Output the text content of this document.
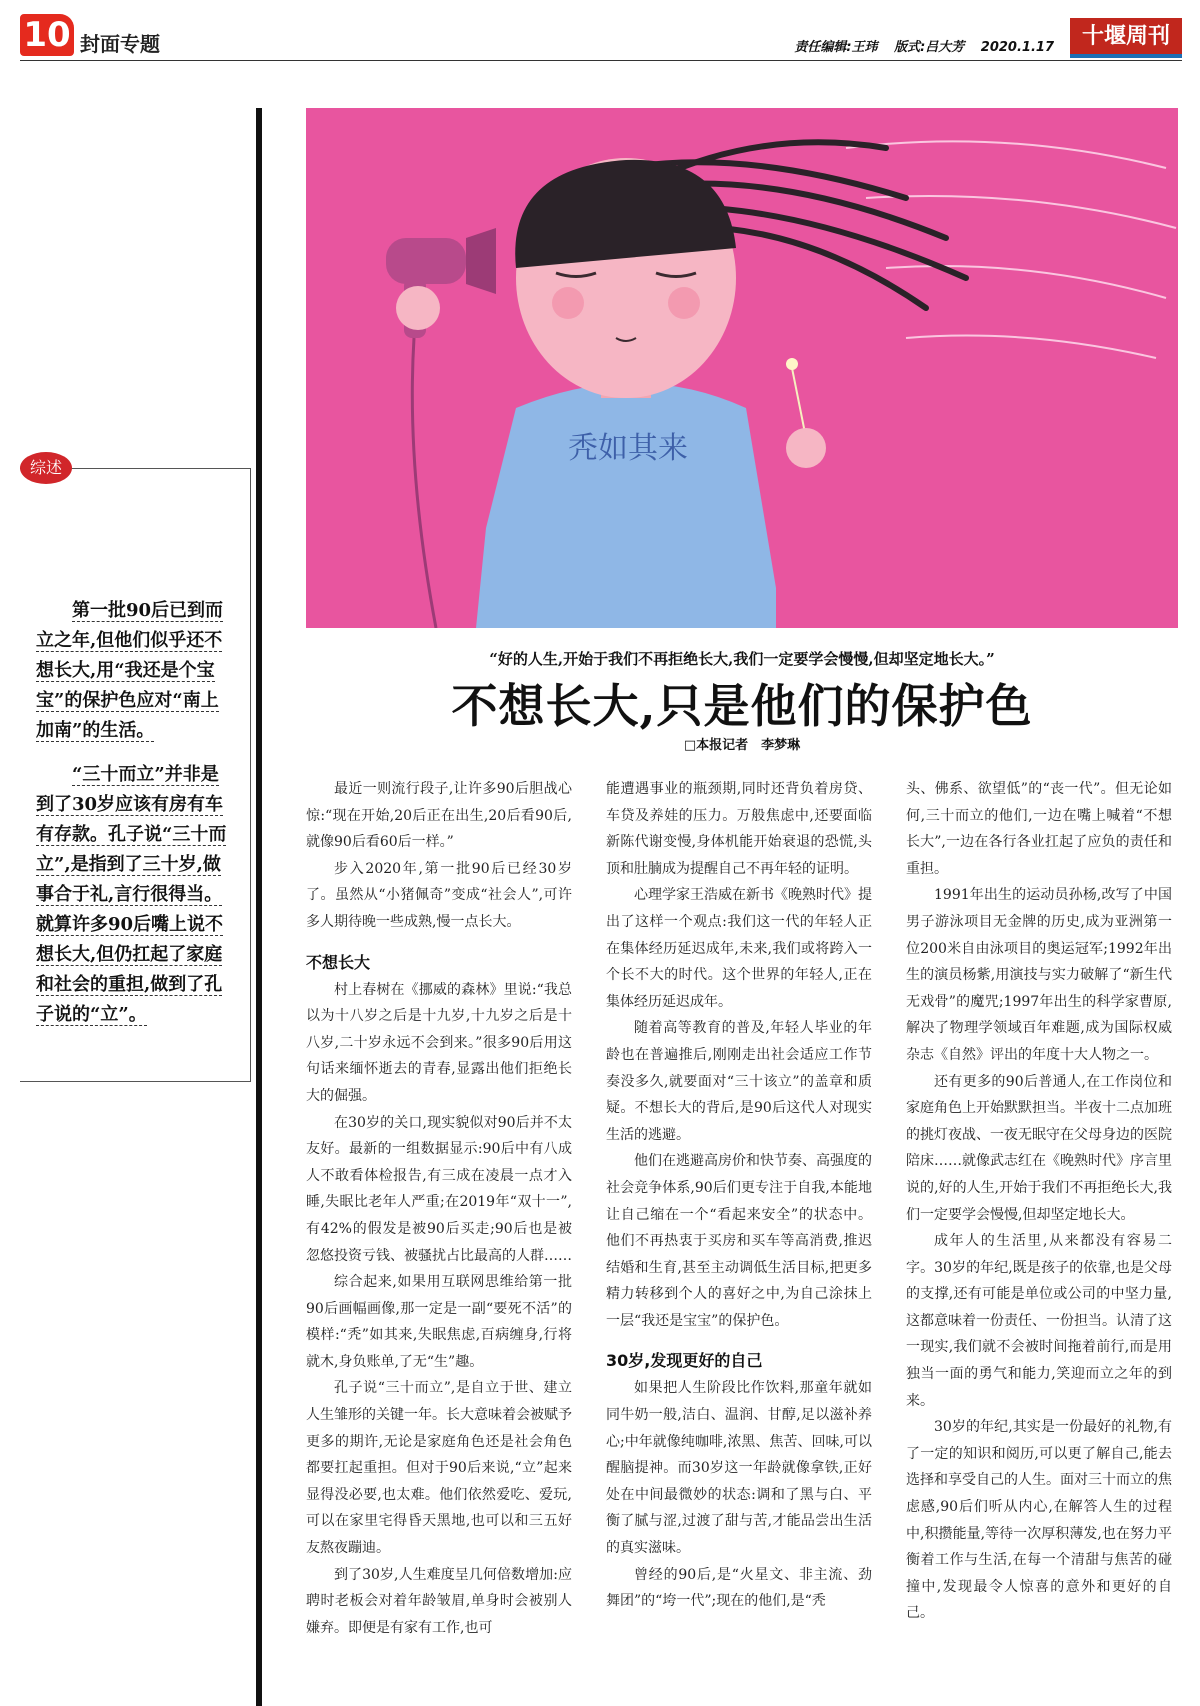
10 封面专题	责任编辑:王玮 版式:吕大芳 2020.1.17	十堰周刊
秃如其来
综述

第一批90后已到而立之年,但他们似乎还不想长大,用“我还是个宝宝”的保护色应对“南上加南”的生活。

“三十而立”并非是到了30岁应该有房有车有存款。孔子说“三十而立”,是指到了三十岁,做事合于礼,言行很得当。就算许多90后嘴上说不想长大,但仍扛起了家庭和社会的重担,做到了孔子说的“立”。

“好的人生,开始于我们不再拒绝长大,我们一定要学会慢慢,但却坚定地长大。”
不想长大,只是他们的保护色
□本报记者　李梦琳

最近一则流行段子,让许多90后胆战心惊:“现在开始,20后正在出生,20后看90后,就像90后看60后一样。”

步入2020年,第一批90后已经30岁了。虽然从“小猪佩奇”变成“社会人”,可许多人期待晚一些成熟,慢一点长大。

不想长大

村上春树在《挪威的森林》里说:“我总以为十八岁之后是十九岁,十九岁之后是十八岁,二十岁永远不会到来。”很多90后用这句话来缅怀逝去的青春,显露出他们拒绝长大的倔强。

在30岁的关口,现实貌似对90后并不太友好。最新的一组数据显示:90后中有八成人不敢看体检报告,有三成在凌晨一点才入睡,失眠比老年人严重;在2019年“双十一”,有42%的假发是被90后买走;90后也是被忽悠投资亏钱、被骚扰占比最高的人群……

综合起来,如果用互联网思维给第一批90后画幅画像,那一定是一副“要死不活”的模样:“秃”如其来,失眠焦虑,百病缠身,行将就木,身负账单,了无“生”趣。

孔子说“三十而立”,是自立于世、建立人生雏形的关键一年。长大意味着会被赋予更多的期许,无论是家庭角色还是社会角色都要扛起重担。但对于90后来说,“立”起来显得没必要,也太难。他们依然爱吃、爱玩,可以在家里宅得昏天黑地,也可以和三五好友熬夜蹦迪。

到了30岁,人生难度呈几何倍数增加:应聘时老板会对着年龄皱眉,单身时会被别人嫌弃。即便是有家有工作,也可

能遭遇事业的瓶颈期,同时还背负着房贷、车贷及养娃的压力。万般焦虑中,还要面临新陈代谢变慢,身体机能开始衰退的恐慌,头顶和肚腩成为提醒自己不再年轻的证明。

心理学家王浩威在新书《晚熟时代》提出了这样一个观点:我们这一代的年轻人正在集体经历延迟成年,未来,我们或将跨入一个长不大的时代。这个世界的年轻人,正在集体经历延迟成年。

随着高等教育的普及,年轻人毕业的年龄也在普遍推后,刚刚走出社会适应工作节奏没多久,就要面对“三十该立”的盖章和质疑。不想长大的背后,是90后这代人对现实生活的逃避。

他们在逃避高房价和快节奏、高强度的社会竞争体系,90后们更专注于自我,本能地让自己缩在一个“看起来安全”的状态中。他们不再热衷于买房和买车等高消费,推迟结婚和生育,甚至主动调低生活目标,把更多精力转移到个人的喜好之中,为自己涂抹上一层“我还是宝宝”的保护色。

30岁,发现更好的自己

如果把人生阶段比作饮料,那童年就如同牛奶一般,洁白、温润、甘醇,足以滋补养心;中年就像纯咖啡,浓黑、焦苦、回味,可以醒脑提神。而30岁这一年龄就像拿铁,正好处在中间最微妙的状态:调和了黑与白、平衡了腻与涩,过渡了甜与苦,才能品尝出生活的真实滋味。

曾经的90后,是“火星文、非主流、劲舞团”的“垮一代”;现在的他们,是“秃

头、佛系、欲望低”的“丧一代”。但无论如何,三十而立的他们,一边在嘴上喊着“不想长大”,一边在各行各业扛起了应负的责任和重担。

1991年出生的运动员孙杨,改写了中国男子游泳项目无金牌的历史,成为亚洲第一位200米自由泳项目的奥运冠军;1992年出生的演员杨紫,用演技与实力破解了“新生代无戏骨”的魔咒;1997年出生的科学家曹原,解决了物理学领域百年难题,成为国际权威杂志《自然》评出的年度十大人物之一。

还有更多的90后普通人,在工作岗位和家庭角色上开始默默担当。半夜十二点加班的挑灯夜战、一夜无眠守在父母身边的医院陪床……就像武志红在《晚熟时代》序言里说的,好的人生,开始于我们不再拒绝长大,我们一定要学会慢慢,但却坚定地长大。

成年人的生活里,从来都没有容易二字。30岁的年纪,既是孩子的依靠,也是父母的支撑,还有可能是单位或公司的中坚力量,这都意味着一份责任、一份担当。认清了这一现实,我们就不会被时间拖着前行,而是用独当一面的勇气和能力,笑迎而立之年的到来。

30岁的年纪,其实是一份最好的礼物,有了一定的知识和阅历,可以更了解自己,能去选择和享受自己的人生。面对三十而立的焦虑感,90后们听从内心,在解答人生的过程中,积攒能量,等待一次厚积薄发,也在努力平衡着工作与生活,在每一个清甜与焦苦的碰撞中,发现最令人惊喜的意外和更好的自己。
